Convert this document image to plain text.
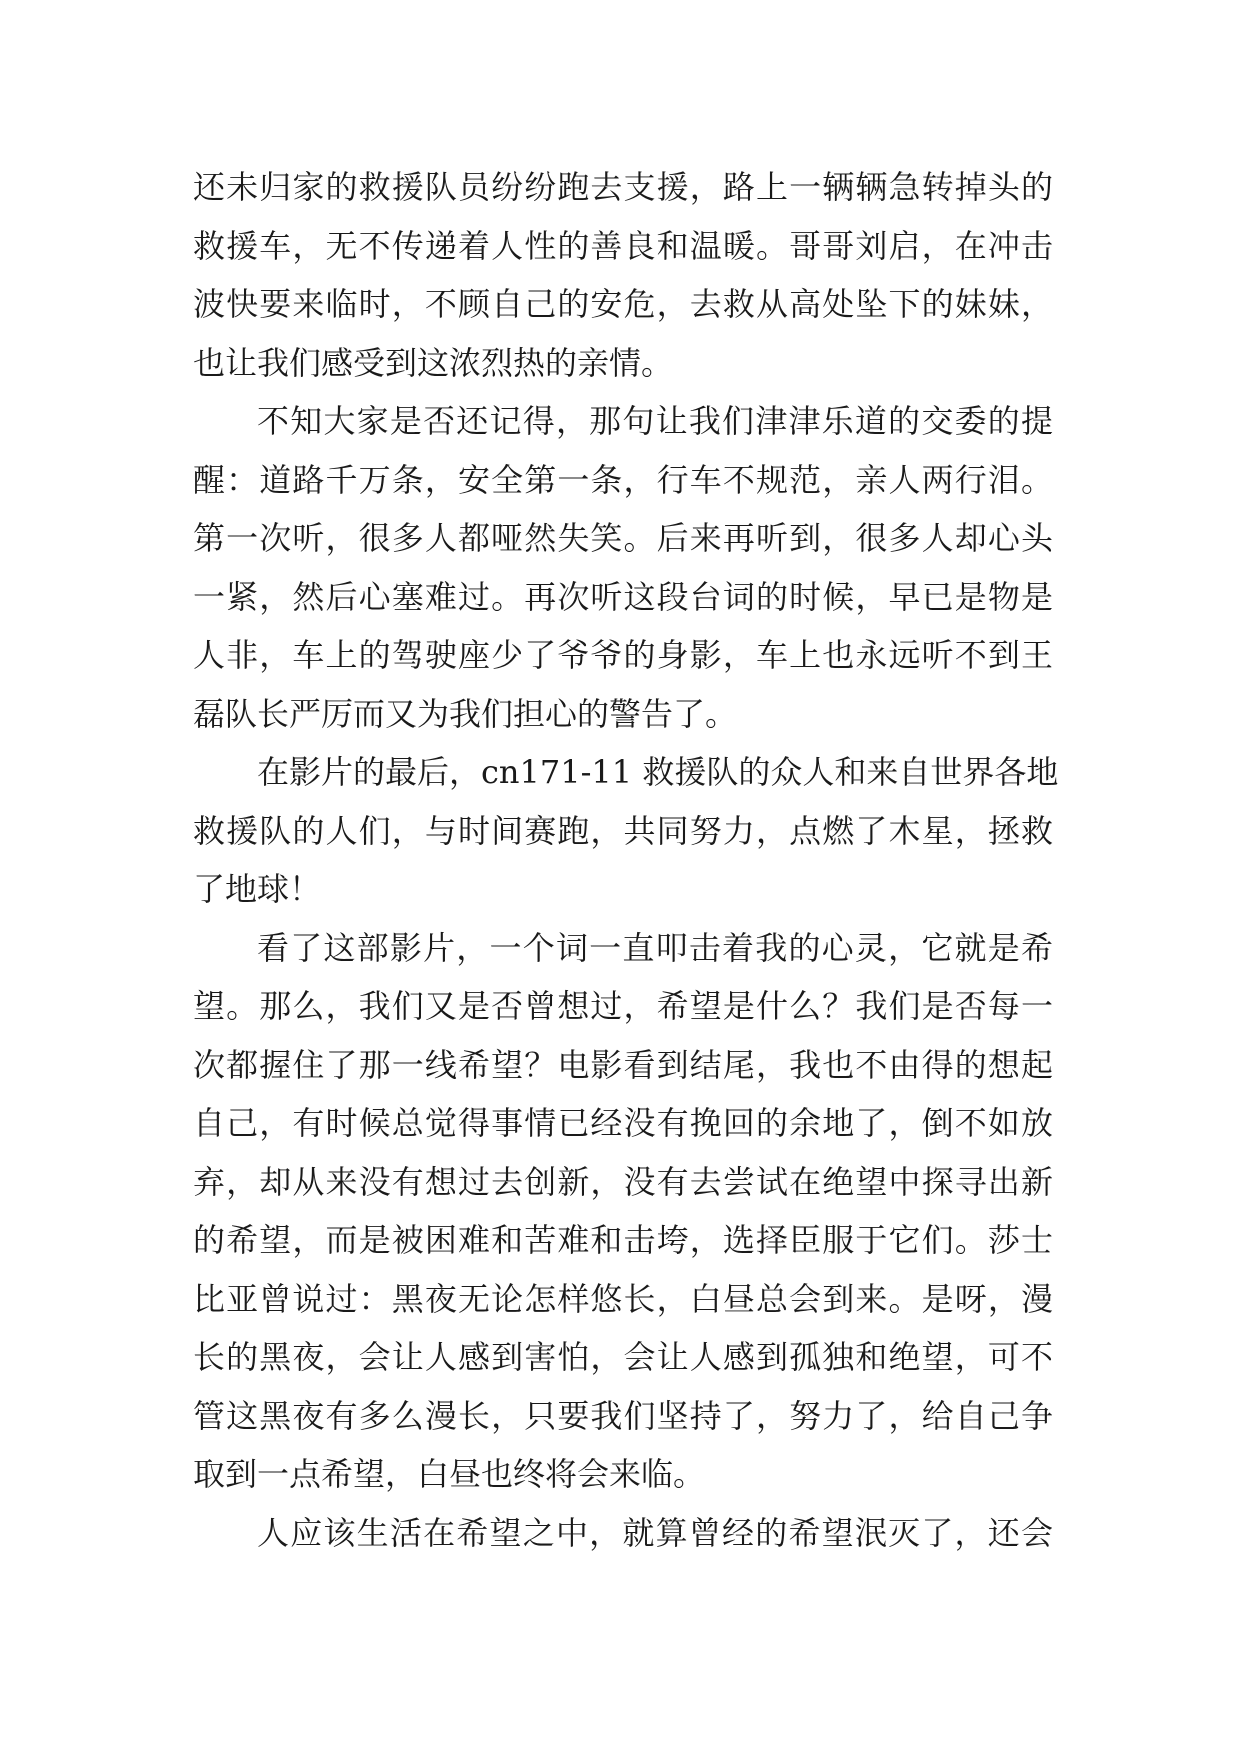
还未归家的救援队员纷纷跑去支援，路上一辆辆急转掉头的
救援车，无不传递着人性的善良和温暖。哥哥刘启，在冲击
波快要来临时，不顾自己的安危，去救从高处坠下的妹妹，
也让我们感受到这浓烈热的亲情。
不知大家是否还记得，那句让我们津津乐道的交委的提
醒：道路千万条，安全第一条，行车不规范，亲人两行泪。
第一次听，很多人都哑然失笑。后来再听到，很多人却心头
一紧，然后心塞难过。再次听这段台词的时候，早已是物是
人非，车上的驾驶座少了爷爷的身影，车上也永远听不到王
磊队长严厉而又为我们担心的警告了。
在影片的最后，cn171-11 救援队的众人和来自世界各地
救援队的人们，与时间赛跑，共同努力，点燃了木星，拯救
了地球！
看了这部影片，一个词一直叩击着我的心灵，它就是希
望。那么，我们又是否曾想过，希望是什么？我们是否每一
次都握住了那一线希望？电影看到结尾，我也不由得的想起
自己，有时候总觉得事情已经没有挽回的余地了，倒不如放
弃，却从来没有想过去创新，没有去尝试在绝望中探寻出新
的希望，而是被困难和苦难和击垮，选择臣服于它们。莎士
比亚曾说过：黑夜无论怎样悠长，白昼总会到来。是呀，漫
长的黑夜，会让人感到害怕，会让人感到孤独和绝望，可不
管这黑夜有多么漫长，只要我们坚持了，努力了，给自己争
取到一点希望，白昼也终将会来临。
人应该生活在希望之中，就算曾经的希望泯灭了，还会
